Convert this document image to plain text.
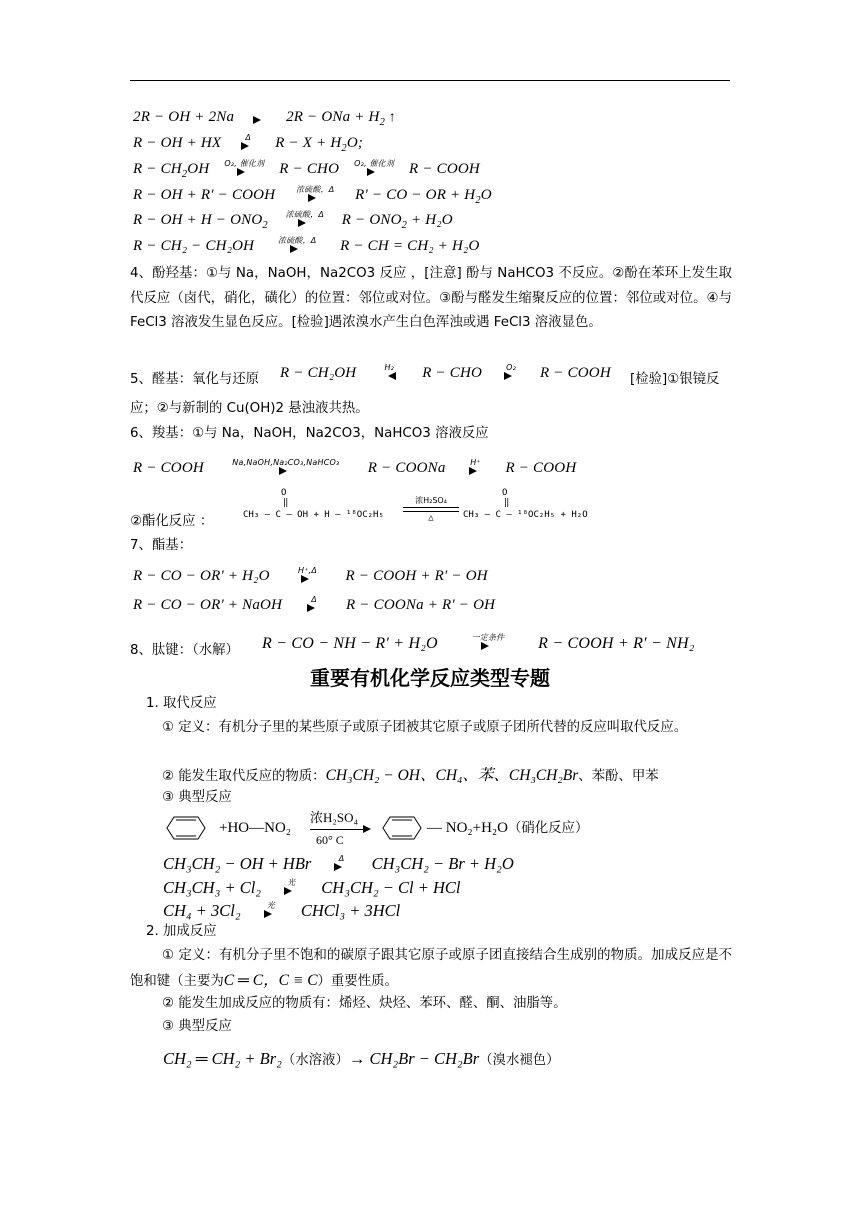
2R − OH + 2Na	2R − ONa + $H_2$ ↑
R − OH + HX	Δ	$R - X + H_2O$;
$R - CH_2OH$	O₂, 催化剂 R − CHO	O₂, 催化剂 R − COOH
R − OH + R′ − COOH	浓硫酸，Δ	R′ − CO − OR + $H_2O$
R − OH + $H - ONO_2$
浓硫酸，Δ	$R - ONO_2 + H_2O$
R − CH₂ − CH₂OH	浓硫酸，Δ	R − CH = CH₂ + H₂O
4、酚羟基：①与 Na，NaOH，Na2CO3 反应 ，[注意] 酚与 NaHCO3 不反应。②酚在苯环上发生取代反应（卤代，硝化，磺化）的位置：邻位或对位。③酚与醛发生缩聚反应的位置：邻位或对位。④与 FeCl3 溶液发生显色反应。[检验]遇浓溴水产生白色浑浊或遇 FeCl3 溶液显色。
5、醛基：氧化与还原 R − CH₂OH	H₂	R − CHO	O₂	R − COOH [检验]①银镜反
应；②与新制的 Cu(OH)2 悬浊液共热。
6、羧基：①与 Na，NaOH，Na2CO3，NaHCO3 溶液反应
R − COOH	Na,NaOH,Na₂CO₃,NaHCO₃	R − COONa	H⁺	R − COOH
②酯化反应 ：
O
‖
CH₃ — C — OH + H — ¹⁸OC₂H₅
浓H₂SO₄
△
O
‖
CH₃ — C — ¹⁸OC₂H₅ + H₂O
7、酯基：
R − CO − OR′ + H₂O	H⁺,Δ	R − COOH + R′ − OH
R − CO − OR′ + NaOH	Δ	R − COONa + R′ − OH
8、肽键：（水解） R − CO − NH − R′ + H₂O	一定条件	R − COOH + R′ − NH₂
重要有机化学反应类型专题
1. 取代反应
① 定义：有机分子里的某些原子或原子团被其它原子或原子团所代替的反应叫取代反应。
② 能发生取代反应的物质：CH₃CH₂ − OH、CH₄、苯、CH₃CH₂Br、苯酚、甲苯
③ 典型反应
+HO—NO₂
浓H₂SO₄
60° C
— NO₂+H₂O（硝化反应）
CH₃CH₂ − OH + HBr	Δ	CH₃CH₂ − Br + H₂O
CH₃CH₃ + Cl₂	光	CH₃CH₂ − Cl + HCl
CH₄ + 3Cl₂	光	CHCl₃ + 3HCl
2. 加成反应
① 定义：有机分子里不饱和的碳原子跟其它原子或原子团直接结合生成别的物质。加成反应是不饱和键（主要为C ═ C，C ≡ C）重要性质。
② 能发生加成反应的物质有：烯烃、炔烃、苯环、醛、酮、油脂等。
③ 典型反应
CH₂ ═ CH₂ + Br₂（水溶液）→ CH₂Br − CH₂Br（溴水褪色）
